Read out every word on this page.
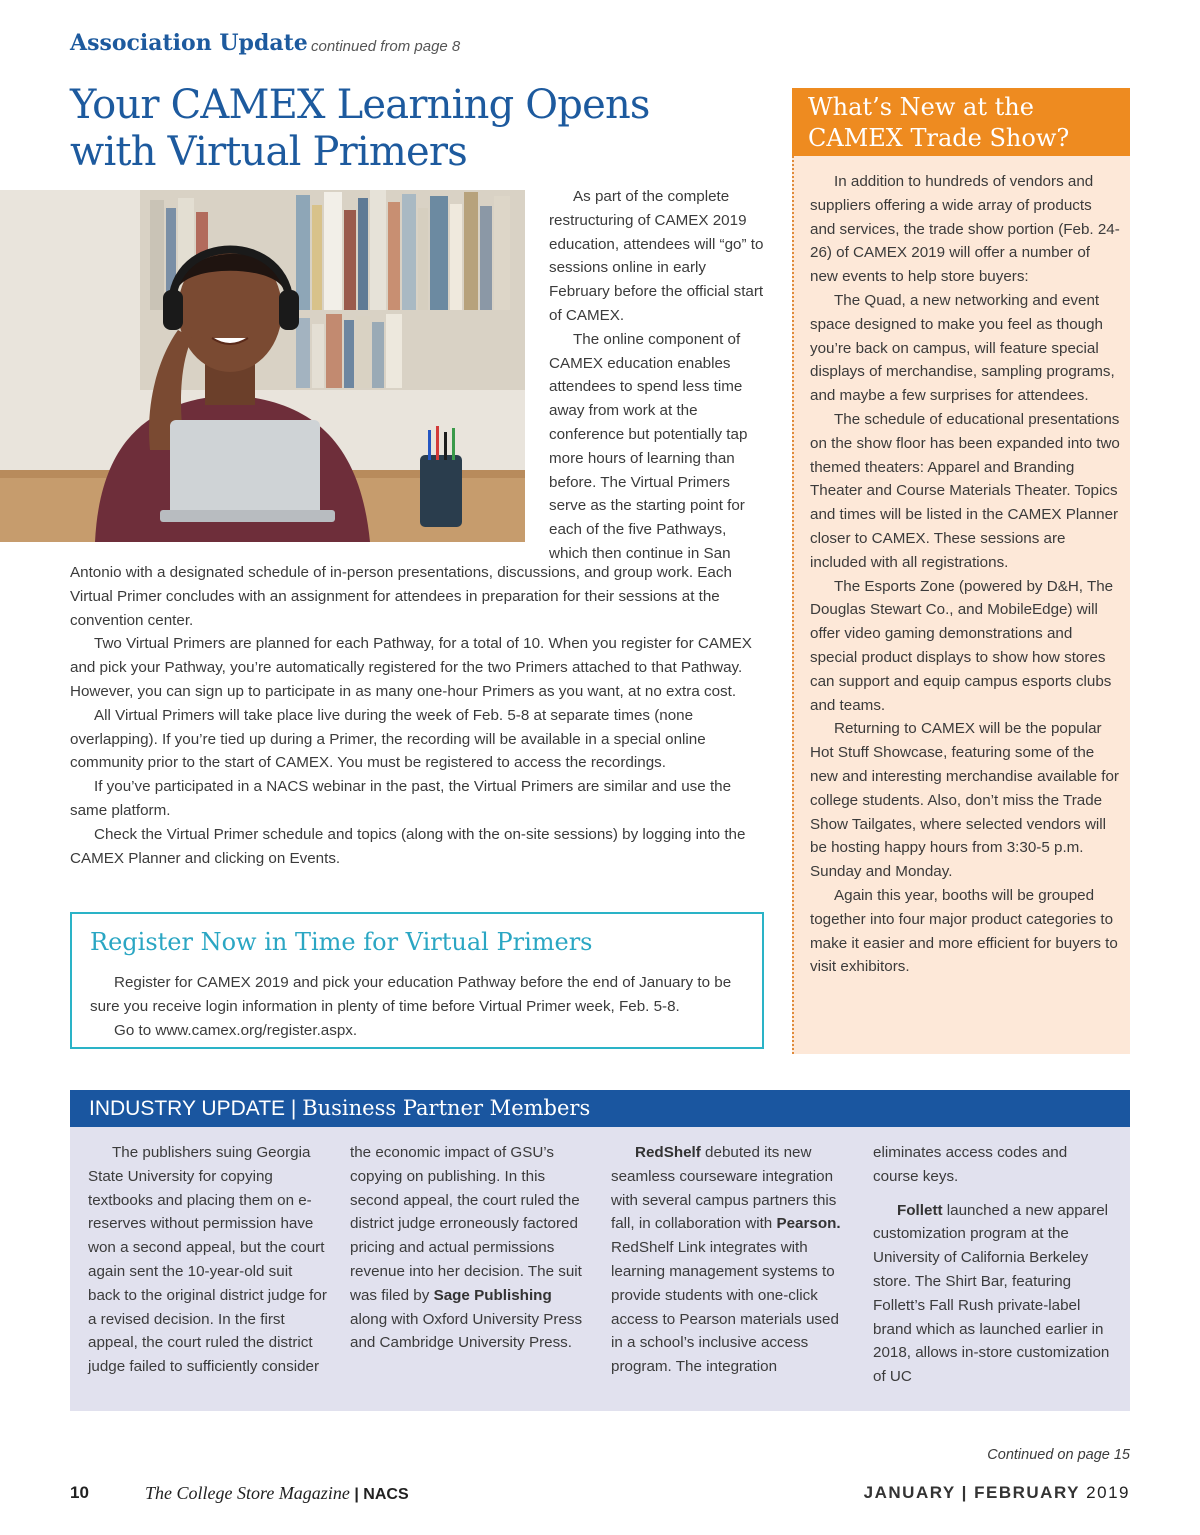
Association Update continued from page 8
Your CAMEX Learning Opens with Virtual Primers

As part of the complete restructuring of CAMEX 2019 education, attendees will “go” to sessions online in early February before the official start of CAMEX.

The online component of CAMEX education enables attendees to spend less time away from work at the conference but potentially tap more hours of learning than before. The Virtual Primers serve as the starting point for each of the five Pathways, which then continue in San

Antonio with a designated schedule of in-person presentations, discussions, and group work. Each Virtual Primer concludes with an assignment for attendees in preparation for their sessions at the convention center.

Two Virtual Primers are planned for each Pathway, for a total of 10. When you register for CAMEX and pick your Pathway, you’re automatically registered for the two Primers attached to that Pathway. However, you can sign up to participate in as many one-hour Primers as you want, at no extra cost.

All Virtual Primers will take place live during the week of Feb. 5-8 at separate times (none overlapping). If you’re tied up during a Primer, the recording will be available in a special online community prior to the start of CAMEX. You must be registered to access the recordings.

If you’ve participated in a NACS webinar in the past, the Virtual Primers are similar and use the same platform.

Check the Virtual Primer schedule and topics (along with the on-site sessions) by logging into the CAMEX Planner and clicking on Events.

Register Now in Time for Virtual Primers

Register for CAMEX 2019 and pick your education Pathway before the end of January to be sure you receive login information in plenty of time before Virtual Primer week, Feb. 5-8.

Go to www.camex.org/register.aspx.

What’s New at the CAMEX Trade Show?

In addition to hundreds of vendors and suppliers offering a wide array of products and services, the trade show portion (Feb. 24-26) of CAMEX 2019 will offer a number of new events to help store buyers:

The Quad, a new networking and event space designed to make you feel as though you’re back on campus, will feature special displays of merchandise, sampling programs, and maybe a few surprises for attendees.

The schedule of educational presentations on the show floor has been expanded into two themed theaters: Apparel and Branding Theater and Course Materials Theater. Topics and times will be listed in the CAMEX Planner closer to CAMEX. These sessions are included with all registrations.

The Esports Zone (powered by D&H, The Douglas Stewart Co., and MobileEdge) will offer video gaming demonstrations and special product displays to show how stores can support and equip campus esports clubs and teams.

Returning to CAMEX will be the popular Hot Stuff Showcase, featuring some of the new and interesting merchandise available for college students. Also, don’t miss the Trade Show Tailgates, where selected vendors will be hosting happy hours from 3:30-5 p.m. Sunday and Monday.

Again this year, booths will be grouped together into four major product categories to make it easier and more efficient for buyers to visit exhibitors.

INDUSTRY UPDATE | Business Partner Members

The publishers suing Georgia State University for copying textbooks and placing them on e-reserves without permission have won a second appeal, but the court again sent the 10-year-old suit back to the original district judge for a revised decision. In the first appeal, the court ruled the district judge failed to sufficiently consider

the economic impact of GSU’s copying on publishing. In this second appeal, the court ruled the district judge erroneously factored pricing and actual permissions revenue into her decision. The suit was filed by Sage Publishing along with Oxford University Press and Cambridge University Press.

RedShelf debuted its new seamless courseware integration with several campus partners this fall, in collaboration with Pearson. RedShelf Link integrates with learning management systems to provide students with one-click access to Pearson materials used in a school’s inclusive access program. The integration

eliminates access codes and course keys.

Follett launched a new apparel customization program at the University of California Berkeley store. The Shirt Bar, featuring Follett’s Fall Rush private-label brand which as launched earlier in 2018, allows in-store customization of UC

Continued on page 15
10	The College Store Magazine | NACS	JANUARY | FEBRUARY 2019
